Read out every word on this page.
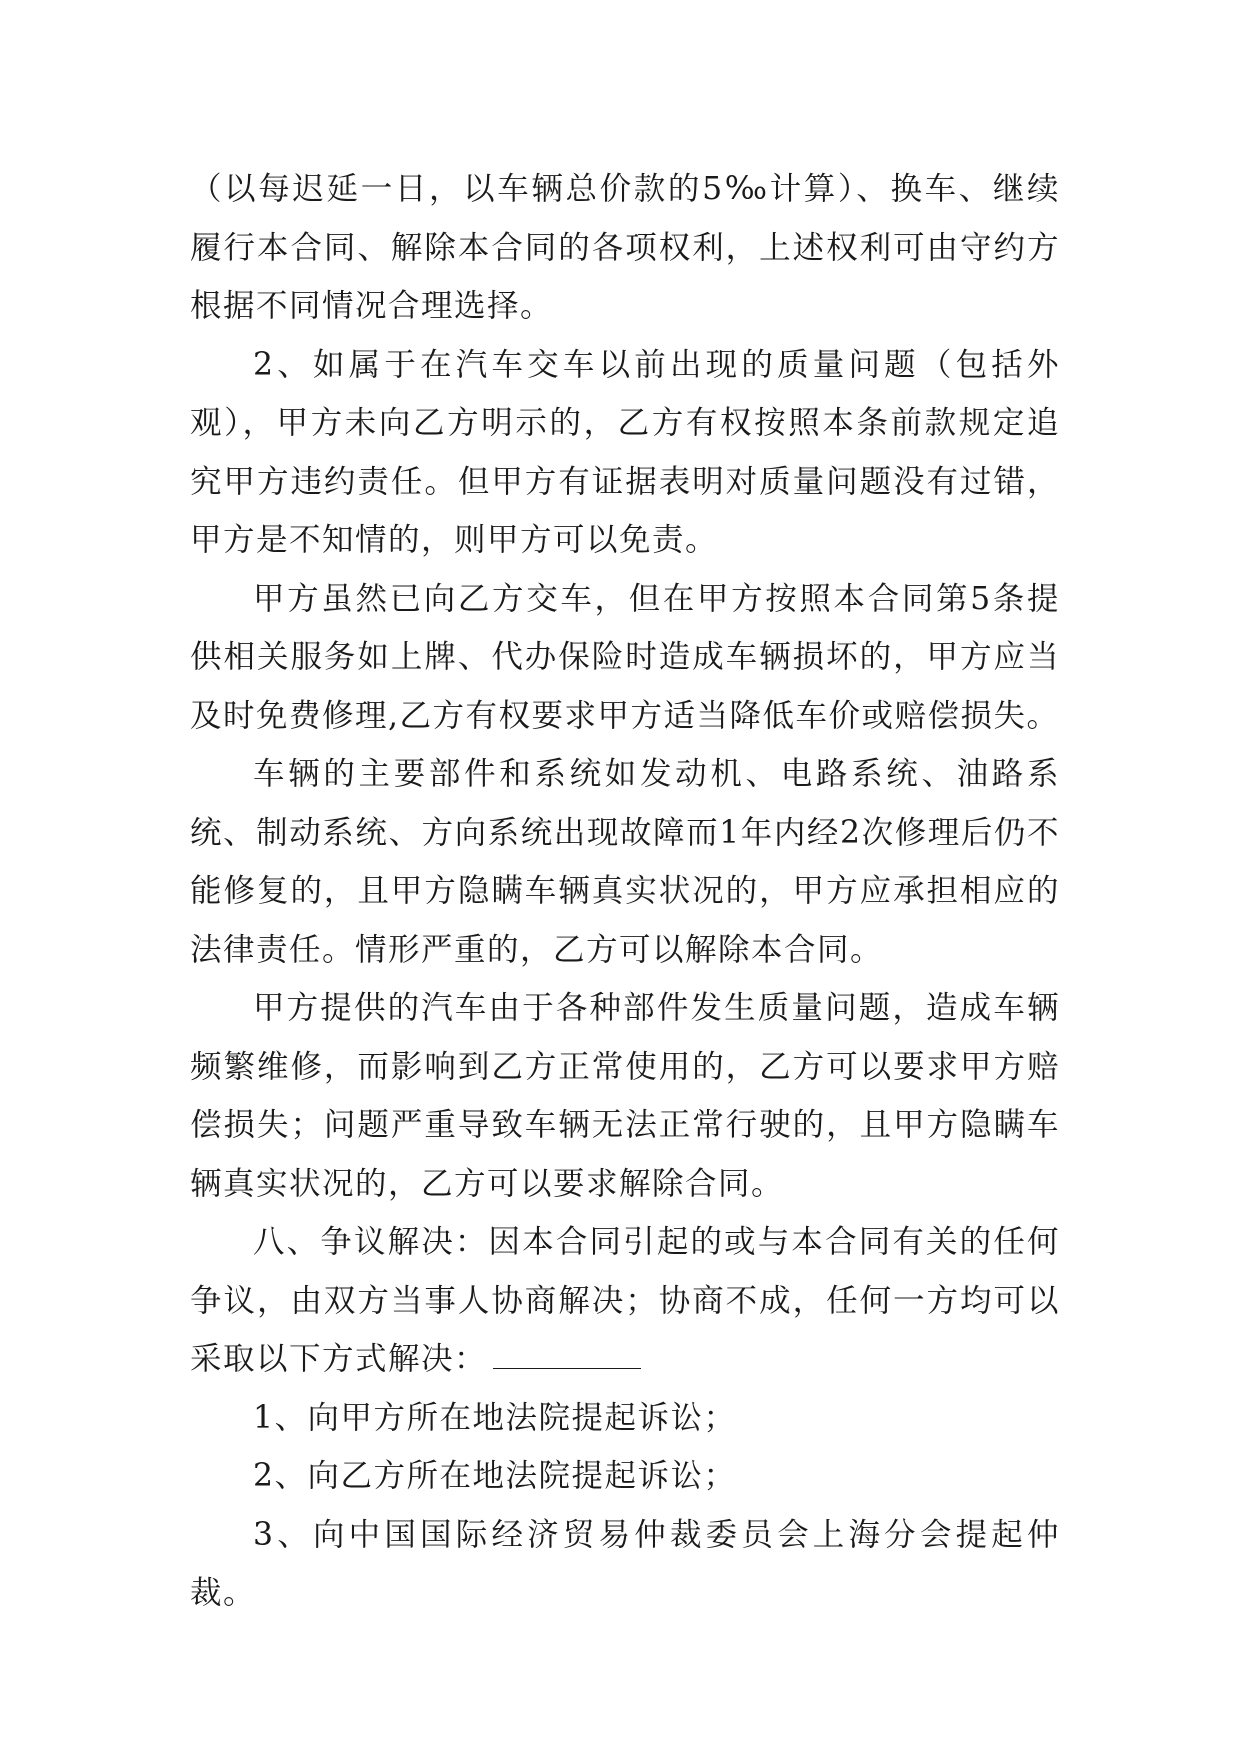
（以每迟延一日，以车辆总价款的5‰计算）、换车、继续履行本合同、解除本合同的各项权利，上述权利可由守约方根据不同情况合理选择。

2、如属于在汽车交车以前出现的质量问题（包括外观），甲方未向乙方明示的，乙方有权按照本条前款规定追究甲方违约责任。但甲方有证据表明对质量问题没有过错，甲方是不知情的，则甲方可以免责。

甲方虽然已向乙方交车，但在甲方按照本合同第5条提供相关服务如上牌、代办保险时造成车辆损坏的，甲方应当及时免费修理,乙方有权要求甲方适当降低车价或赔偿损失。

车辆的主要部件和系统如发动机、电路系统、油路系统、制动系统、方向系统出现故障而1年内经2次修理后仍不能修复的，且甲方隐瞒车辆真实状况的，甲方应承担相应的法律责任。情形严重的，乙方可以解除本合同。

甲方提供的汽车由于各种部件发生质量问题，造成车辆频繁维修，而影响到乙方正常使用的，乙方可以要求甲方赔偿损失；问题严重导致车辆无法正常行驶的，且甲方隐瞒车辆真实状况的，乙方可以要求解除合同。

八、争议解决：因本合同引起的或与本合同有关的任何争议，由双方当事人协商解决；协商不成，任何一方均可以采取以下方式解决：

1、向甲方所在地法院提起诉讼；

2、向乙方所在地法院提起诉讼；

3、向中国国际经济贸易仲裁委员会上海分会提起仲裁。
